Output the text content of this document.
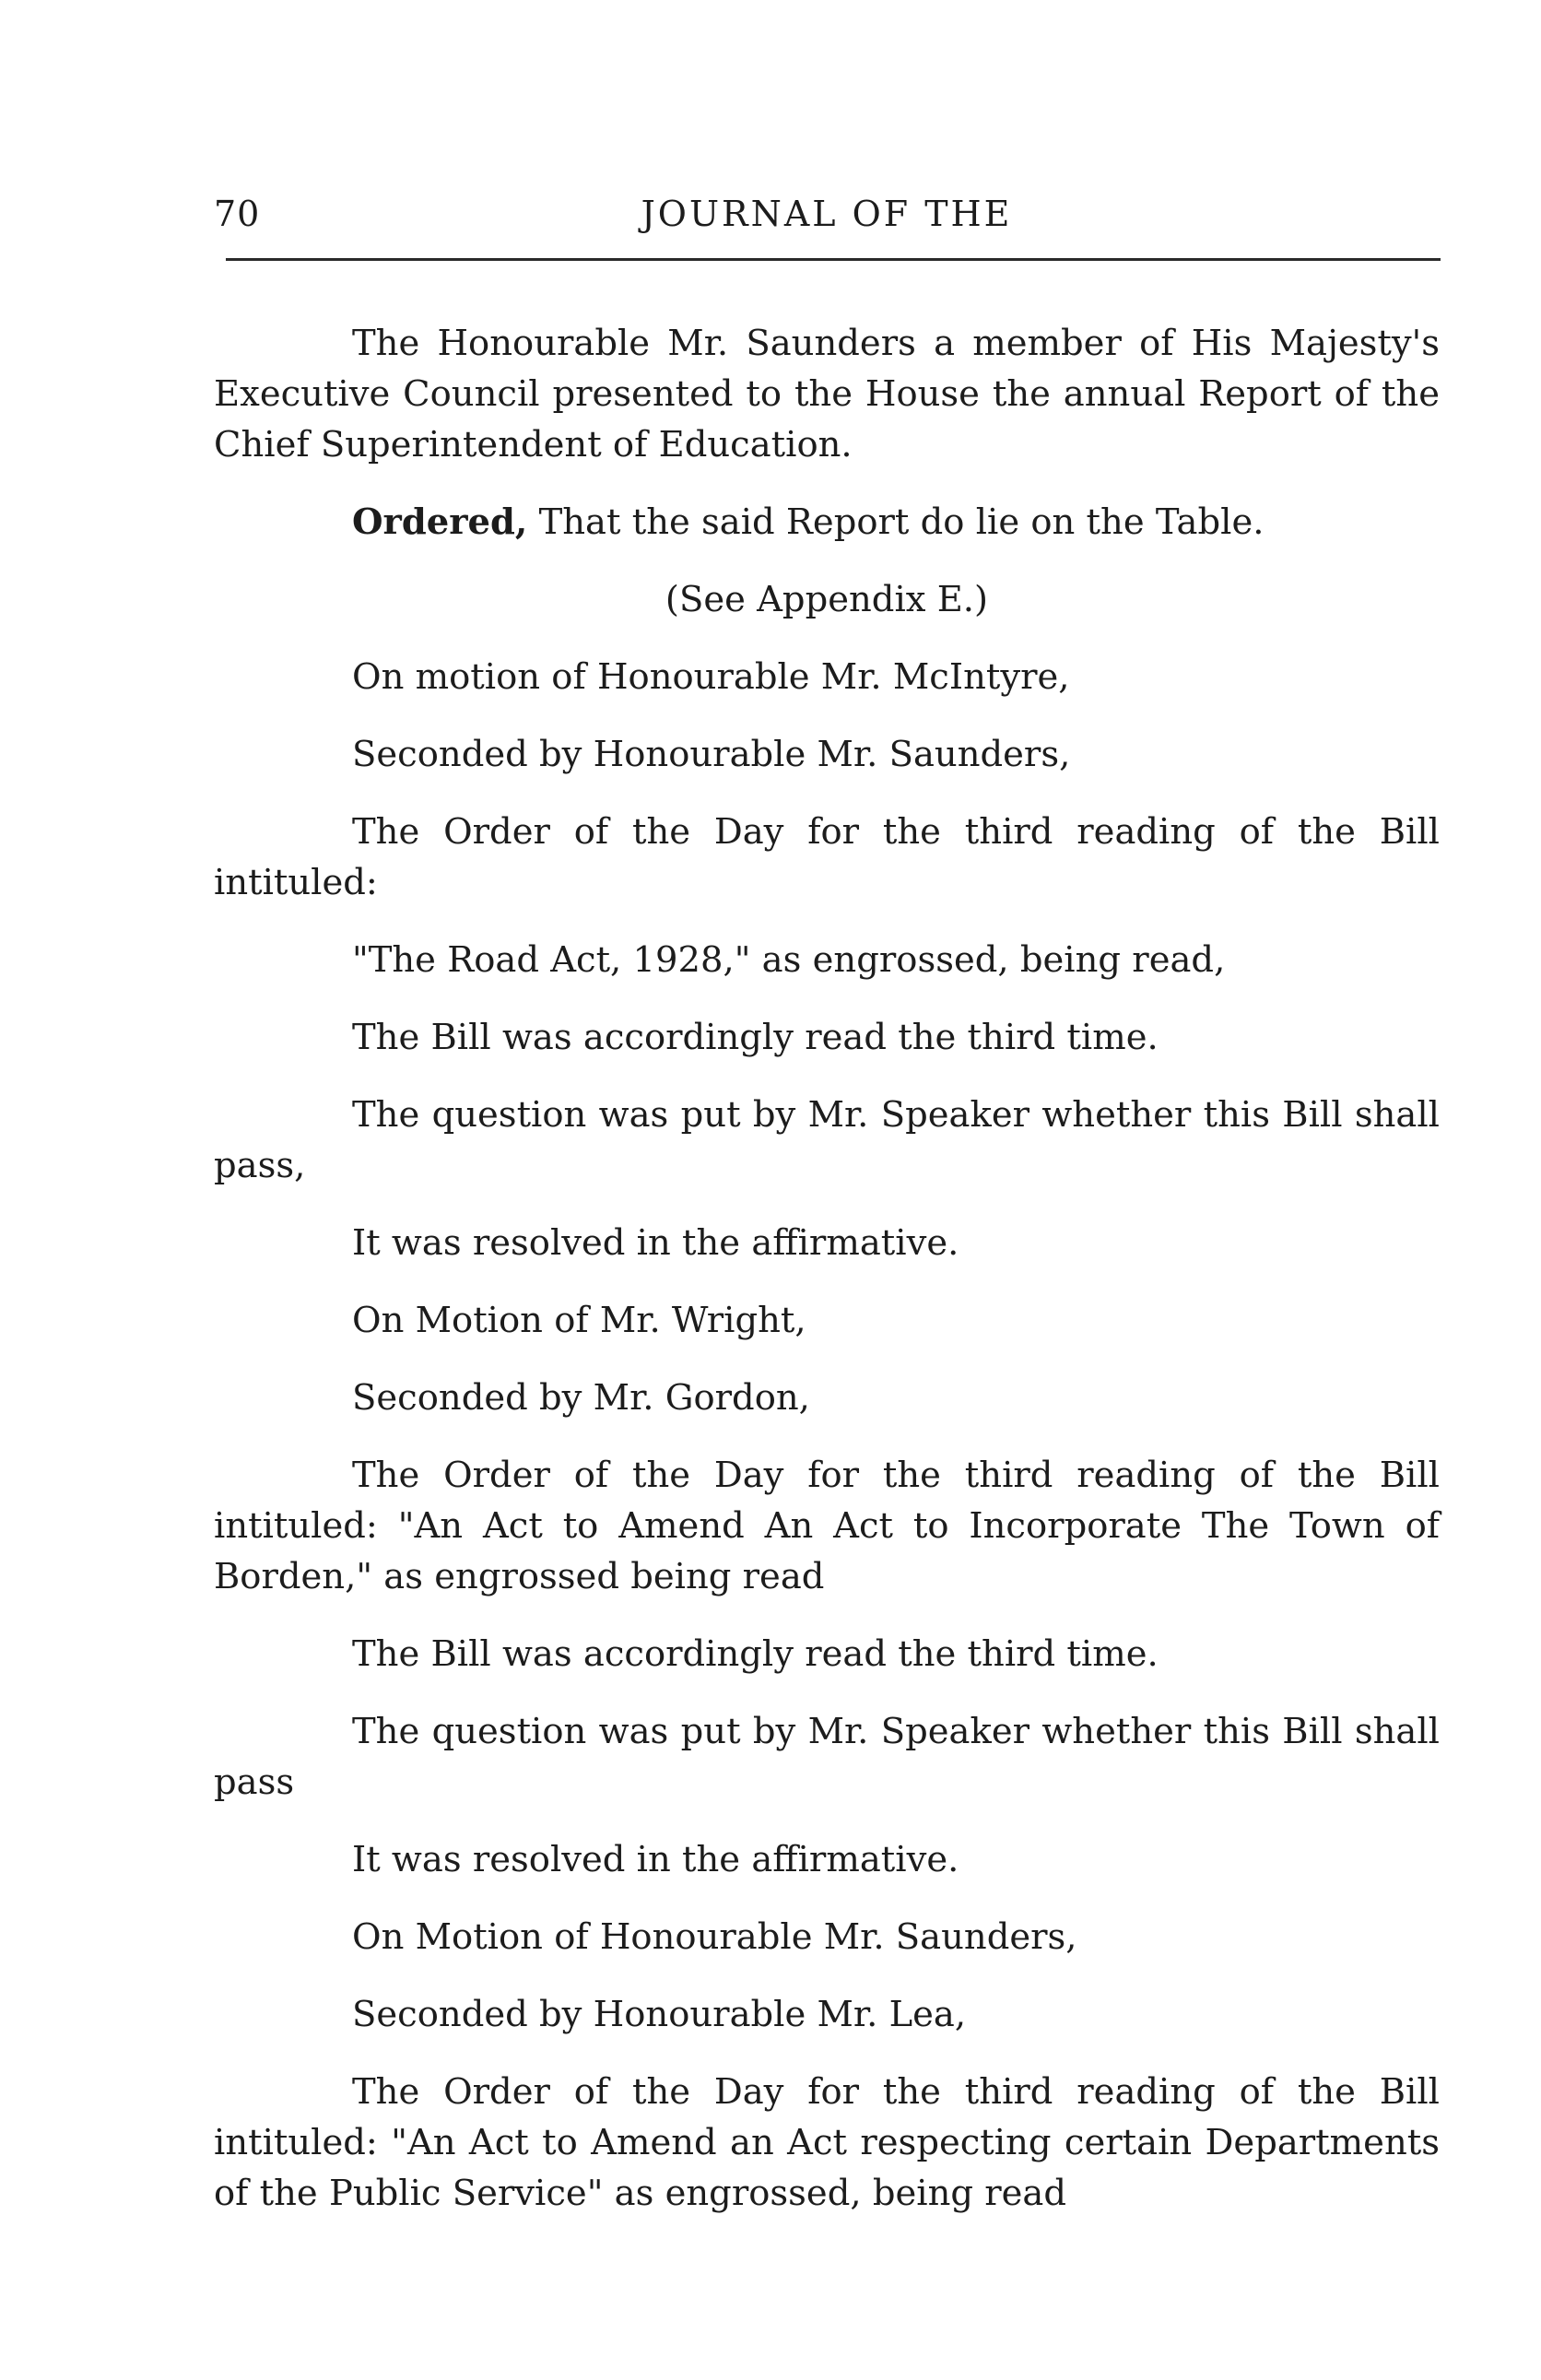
70	JOURNAL OF THE

The Honourable Mr. Saunders a member of His Majesty's Executive Council presented to the House the annual Report of the Chief Superintendent of Education.

Ordered, That the said Report do lie on the Table.

(See Appendix E.)

On motion of Honourable Mr. McIntyre,

Seconded by Honourable Mr. Saunders,

The Order of the Day for the third reading of the Bill intituled:

"The Road Act, 1928," as engrossed, being read,

The Bill was accordingly read the third time.

The question was put by Mr. Speaker whether this Bill shall pass,

It was resolved in the affirmative.

On Motion of Mr. Wright,

Seconded by Mr. Gordon,

The Order of the Day for the third reading of the Bill intituled: "An Act to Amend An Act to Incorporate The Town of Borden," as engrossed being read

The Bill was accordingly read the third time.

The question was put by Mr. Speaker whether this Bill shall pass

It was resolved in the affirmative.

On Motion of Honourable Mr. Saunders,

Seconded by Honourable Mr. Lea,

The Order of the Day for the third reading of the Bill intituled: "An Act to Amend an Act respecting certain Departments of the Public Service" as engrossed, being read
